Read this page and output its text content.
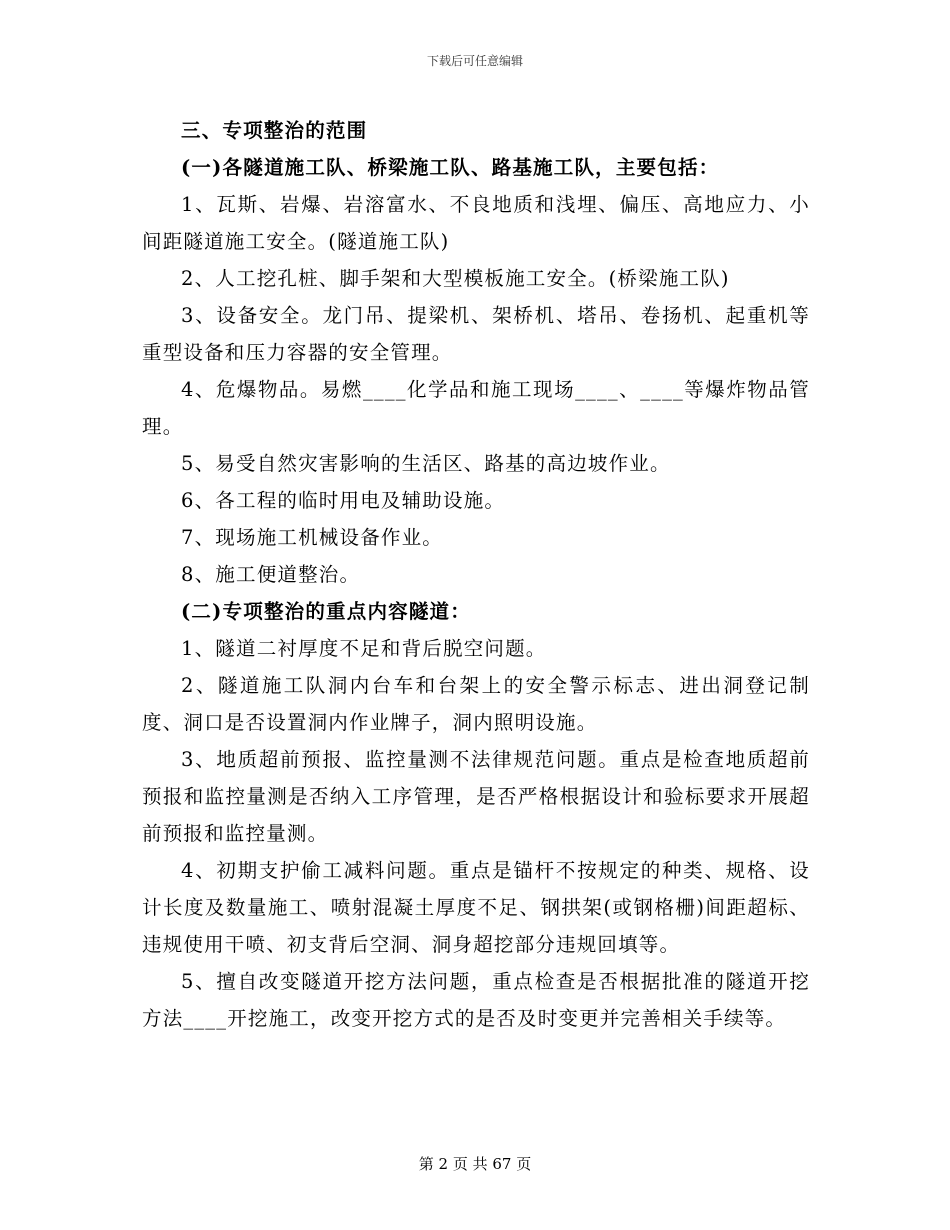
下载后可任意编辑

三、专项整治的范围

(一)各隧道施工队、桥梁施工队、路基施工队，主要包括：

1、瓦斯、岩爆、岩溶富水、不良地质和浅埋、偏压、高地应力、小间距隧道施工安全。(隧道施工队)

2、人工挖孔桩、脚手架和大型模板施工安全。(桥梁施工队)

3、设备安全。龙门吊、提梁机、架桥机、塔吊、卷扬机、起重机等重型设备和压力容器的安全管理。

4、危爆物品。易燃____化学品和施工现场____、____等爆炸物品管理。

5、易受自然灾害影响的生活区、路基的高边坡作业。

6、各工程的临时用电及辅助设施。

7、现场施工机械设备作业。

8、施工便道整治。

(二)专项整治的重点内容隧道：

1、隧道二衬厚度不足和背后脱空问题。

2、隧道施工队洞内台车和台架上的安全警示标志、进出洞登记制度、洞口是否设置洞内作业牌子，洞内照明设施。

3、地质超前预报、监控量测不法律规范问题。重点是检查地质超前预报和监控量测是否纳入工序管理，是否严格根据设计和验标要求开展超前预报和监控量测。

4、初期支护偷工减料问题。重点是锚杆不按规定的种类、规格、设计长度及数量施工、喷射混凝土厚度不足、钢拱架(或钢格栅)间距超标、违规使用干喷、初支背后空洞、洞身超挖部分违规回填等。

5、擅自改变隧道开挖方法问题，重点检查是否根据批准的隧道开挖方法____开挖施工，改变开挖方式的是否及时变更并完善相关手续等。

第 2 页 共 67 页
